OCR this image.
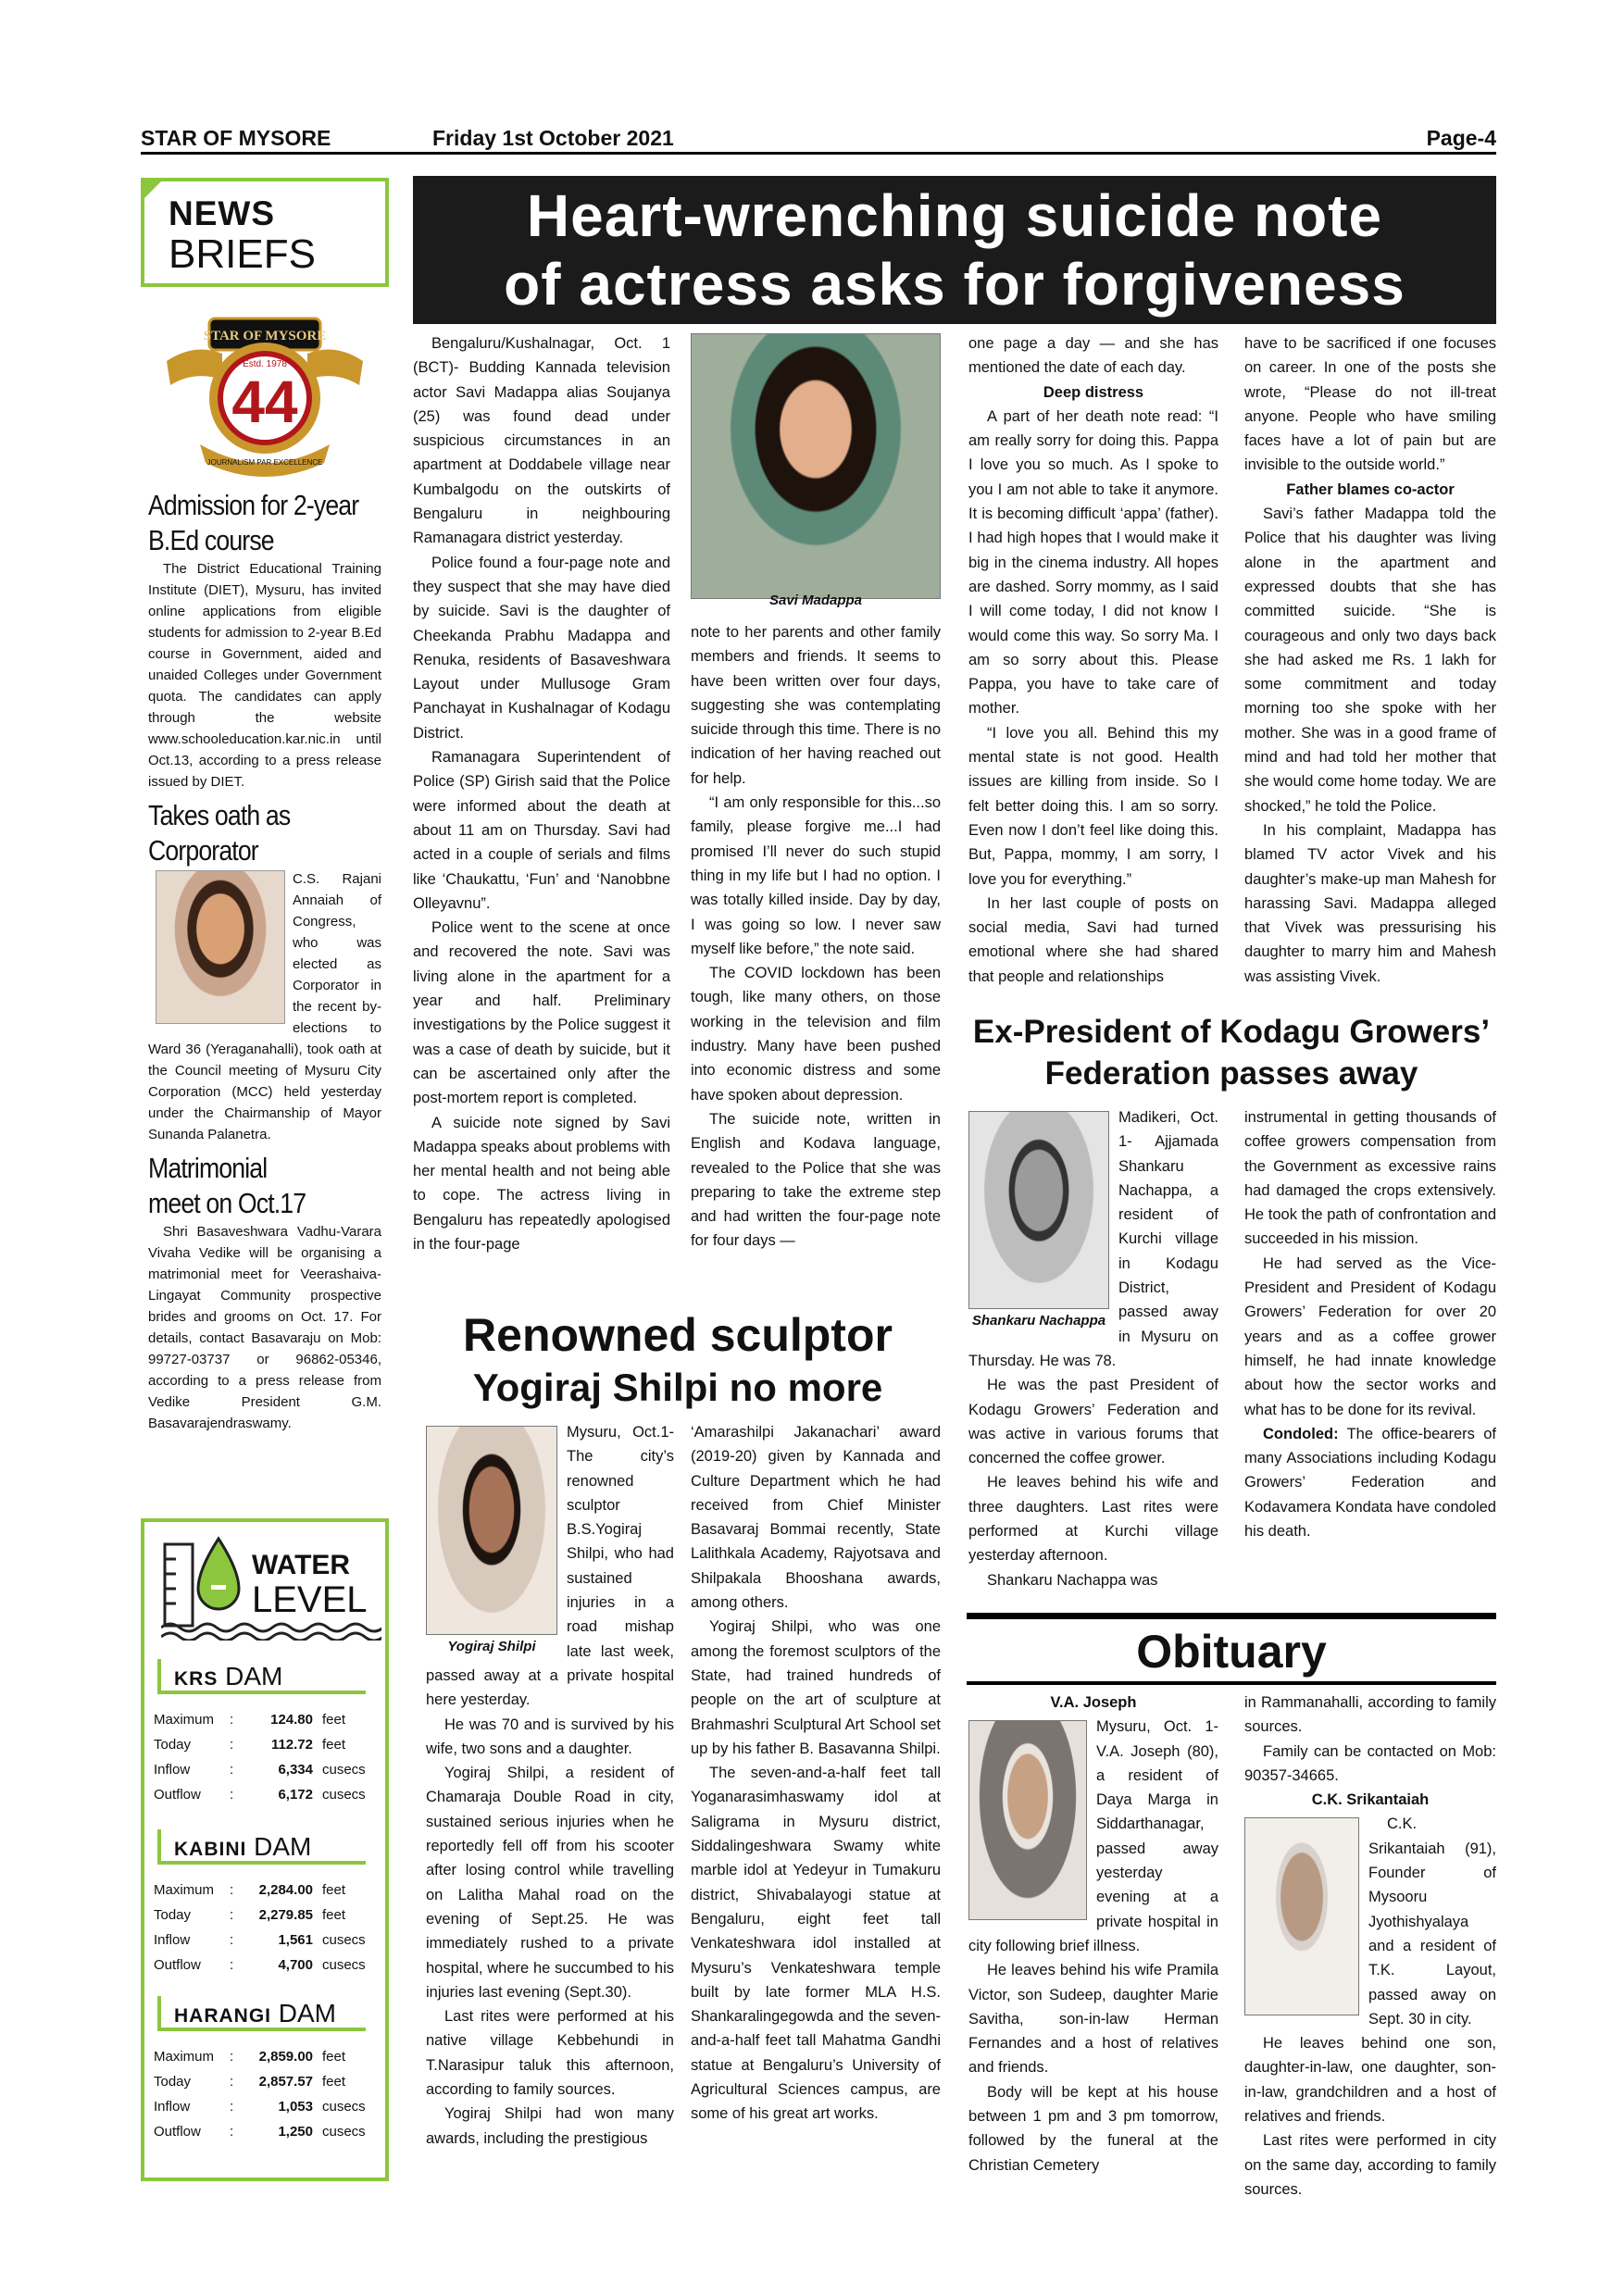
STAR OF MYSORE	Friday 1st October 2021	Page-4
NEWS
BRIEFS
44
STAR OF MYSORE
Estd. 1978
JOURNALISM PAR EXCELLENCE
Admission for 2-year
B.Ed course

The District Educational Training Institute (DIET), Mysuru, has invited online applications from eligible students for admission to 2-year B.Ed course in Government, aided and unaided Colleges under Government quota. The candidates can apply through the website www.schooleducation.kar.nic.in until Oct.13, according to a press release issued by DIET.

Takes oath as
Corporator

C.S. Rajani Annaiah of Congress, who was elected as Corporator in the recent by-elections to Ward 36 (Yeraganahalli), took oath at the Council meeting of Mysuru City Corporation (MCC) held yesterday under the Chairmanship of Mayor Sunanda Palanetra.

Matrimonial
meet on Oct.17

Shri Basaveshwara Vadhu-Varara Vivaha Vedike will be organising a matrimonial meet for Veerashaiva-Lingayat Community prospective brides and grooms on Oct. 17. For details, contact Basavaraju on Mob: 99727-03737 or 96862-05346, according to a press release from Vedike President G.M. Basavarajendraswamy.

WATER
LEVEL
KRS DAM
Maximum	:	124.80	feet
Today	:	112.72	feet
Inflow	:	6,334	cusecs
Outflow	:	6,172	cusecs
KABINI DAM
Maximum	:	2,284.00	feet
Today	:	2,279.85	feet
Inflow	:	1,561	cusecs
Outflow	:	4,700	cusecs
HARANGI DAM
Maximum	:	2,859.00	feet
Today	:	2,857.57	feet
Inflow	:	1,053	cusecs
Outflow	:	1,250	cusecs
Heart-wrenching suicide note
of actress asks for forgiveness

Bengaluru/Kushalnagar, Oct. 1 (BCT)- Budding Kannada television actor Savi Madappa alias Soujanya (25) was found dead under suspicious circumstances in an apartment at Doddabele village near Kumbalgodu on the outskirts of Bengaluru in neighbouring Ramanagara district yesterday.

Police found a four-page note and they suspect that she may have died by suicide. Savi is the daughter of Cheekanda Prabhu Madappa and Renuka, residents of Basaveshwara Layout under Mullusoge Gram Panchayat in Kushalnagar of Kodagu District.

Ramanagara Superintendent of Police (SP) Girish said that the Police were informed about the death at about 11 am on Thursday. Savi had acted in a couple of serials and films like ‘Chaukattu, ‘Fun’ and ‘Nanobbne Olleyavnu”.

Police went to the scene at once and recovered the note. Savi was living alone in the apartment for a year and half. Preliminary investigations by the Police suggest it was a case of death by suicide, but it can be ascertained only after the post-mortem report is completed.

A suicide note signed by Savi Madappa speaks about problems with her mental health and not being able to cope. The actress living in Bengaluru has repeatedly apologised in the four-page

Savi Madappa

note to her parents and other family members and friends. It seems to have been written over four days, suggesting she was contemplating suicide through this time. There is no indication of her having reached out for help.

“I am only responsible for this...so family, please forgive me...I had promised I’ll never do such stupid thing in my life but I had no option. I was totally killed inside. Day by day, I was going so low. I never saw myself like before,” the note said.

The COVID lockdown has been tough, like many others, on those working in the television and film industry. Many have been pushed into economic distress and some have spoken about depression.

The suicide note, written in English and Kodava language, revealed to the Police that she was preparing to take the extreme step and had written the four-page note for four days —

one page a day — and she has mentioned the date of each day.

Deep distress

A part of her death note read: “I am really sorry for doing this. Pappa I love you so much. As I spoke to you I am not able to take it anymore. It is becoming difficult ‘appa’ (father). I had high hopes that I would make it big in the cinema industry. All hopes are dashed. Sorry mommy, as I said I will come today, I did not know I would come this way. So sorry Ma. I am so sorry about this. Please Pappa, you have to take care of mother.

“I love you all. Behind this my mental state is not good. Health issues are killing from inside. So I felt better doing this. I am so sorry. Even now I don’t feel like doing this. But, Pappa, mommy, I am sorry, I love you for everything.”

In her last couple of posts on social media, Savi had turned emotional where she had shared that people and relationships

have to be sacrificed if one focuses on career. In one of the posts she wrote, “Please do not ill-treat anyone. People who have smiling faces have a lot of pain but are invisible to the outside world.”

Father blames co-actor

Savi’s father Madappa told the Police that his daughter was living alone in the apartment and expressed doubts that she has committed suicide. “She is courageous and only two days back she had asked me Rs. 1 lakh for some commitment and today morning too she spoke with her mother. She was in a good frame of mind and had told her mother that she would come home today. We are shocked,” he told the Police.

In his complaint, Madappa has blamed TV actor Vivek and his daughter’s make-up man Mahesh for harassing Savi. Madappa alleged that Vivek was pressurising his daughter to marry him and Mahesh was assisting Vivek.

Renowned sculptor
Yogiraj Shilpi no more
Yogiraj Shilpi

Mysuru, Oct.1- The city’s renowned sculptor B.S.Yogiraj Shilpi, who had sustained injuries in a road mishap late last week, passed away at a private hospital here yesterday.

He was 70 and is survived by his wife, two sons and a daughter.

Yogiraj Shilpi, a resident of Chamaraja Double Road in city, sustained serious injuries when he reportedly fell off from his scooter after losing control while travelling on Lalitha Mahal road on the evening of Sept.25. He was immediately rushed to a private hospital, where he succumbed to his injuries last evening (Sept.30).

Last rites were performed at his native village Kebbehundi in T.Narasipur taluk this afternoon, according to family sources.

Yogiraj Shilpi had won many awards, including the prestigious

‘Amarashilpi Jakanachari’ award (2019-20) given by Kannada and Culture Department which he had received from Chief Minister Basavaraj Bommai recently, State Lalithkala Academy, Rajyotsava and Shilpakala Bhooshana awards, among others.

Yogiraj Shilpi, who was one among the foremost sculptors of the State, had trained hundreds of people on the art of sculpture at Brahmashri Sculptural Art School set up by his father B. Basavanna Shilpi.

The seven-and-a-half feet tall Yoganarasimhaswamy idol at Saligrama in Mysuru district, Siddalingeshwara Swamy white marble idol at Yedeyur in Tumakuru district, Shivabalayogi statue at Bengaluru, eight feet tall Venkateshwara idol installed at Mysuru’s Venkateshwara temple built by late former MLA H.S. Shankaralingegowda and the seven-and-a-half feet tall Mahatma Gandhi statue at Bengaluru’s University of Agricultural Sciences campus, are some of his great art works.

Ex-President of Kodagu Growers’
Federation passes away
Shankaru Nachappa

Madikeri, Oct. 1- Ajjamada Shankaru Nachappa, a resident of Kurchi village in Kodagu District, passed away in Mysuru on Thursday. He was 78.

He was the past President of Kodagu Growers’ Federation and was active in various forums that concerned the coffee grower.

He leaves behind his wife and three daughters. Last rites were performed at Kurchi village yesterday afternoon.

Shankaru Nachappa was

instrumental in getting thousands of coffee growers compensation from the Government as excessive rains had damaged the crops extensively. He took the path of confrontation and succeeded in his mission.

He had served as the Vice-President and President of Kodagu Growers’ Federation for over 20 years and as a coffee grower himself, he had innate knowledge about how the sector works and what has to be done for its revival.

Condoled: The office-bearers of many Associations including Kodagu Growers’ Federation and Kodavamera Kondata have condoled his death.

Obituary

V.A. Joseph

Mysuru, Oct. 1- V.A. Joseph (80), a resident of Daya Marga in Siddarthanagar, passed away yesterday evening at a private hospital in city following brief illness.

He leaves behind his wife Pramila Victor, son Sudeep, daughter Marie Savitha, son-in-law Herman Fernandes and a host of relatives and friends.

Body will be kept at his house between 1 pm and 3 pm tomorrow, followed by the funeral at the Christian Cemetery

in Rammanahalli, according to family sources.

Family can be contacted on Mob: 90357-34665.

C.K. Srikantaiah

C.K. Srikantaiah (91), Founder of Mysooru Jyothishyalaya and a resident of T.K. Layout, passed away on Sept. 30 in city.

He leaves behind one son, daughter-in-law, one daughter, son-in-law, grandchildren and a host of relatives and friends.

Last rites were performed in city on the same day, according to family sources.
